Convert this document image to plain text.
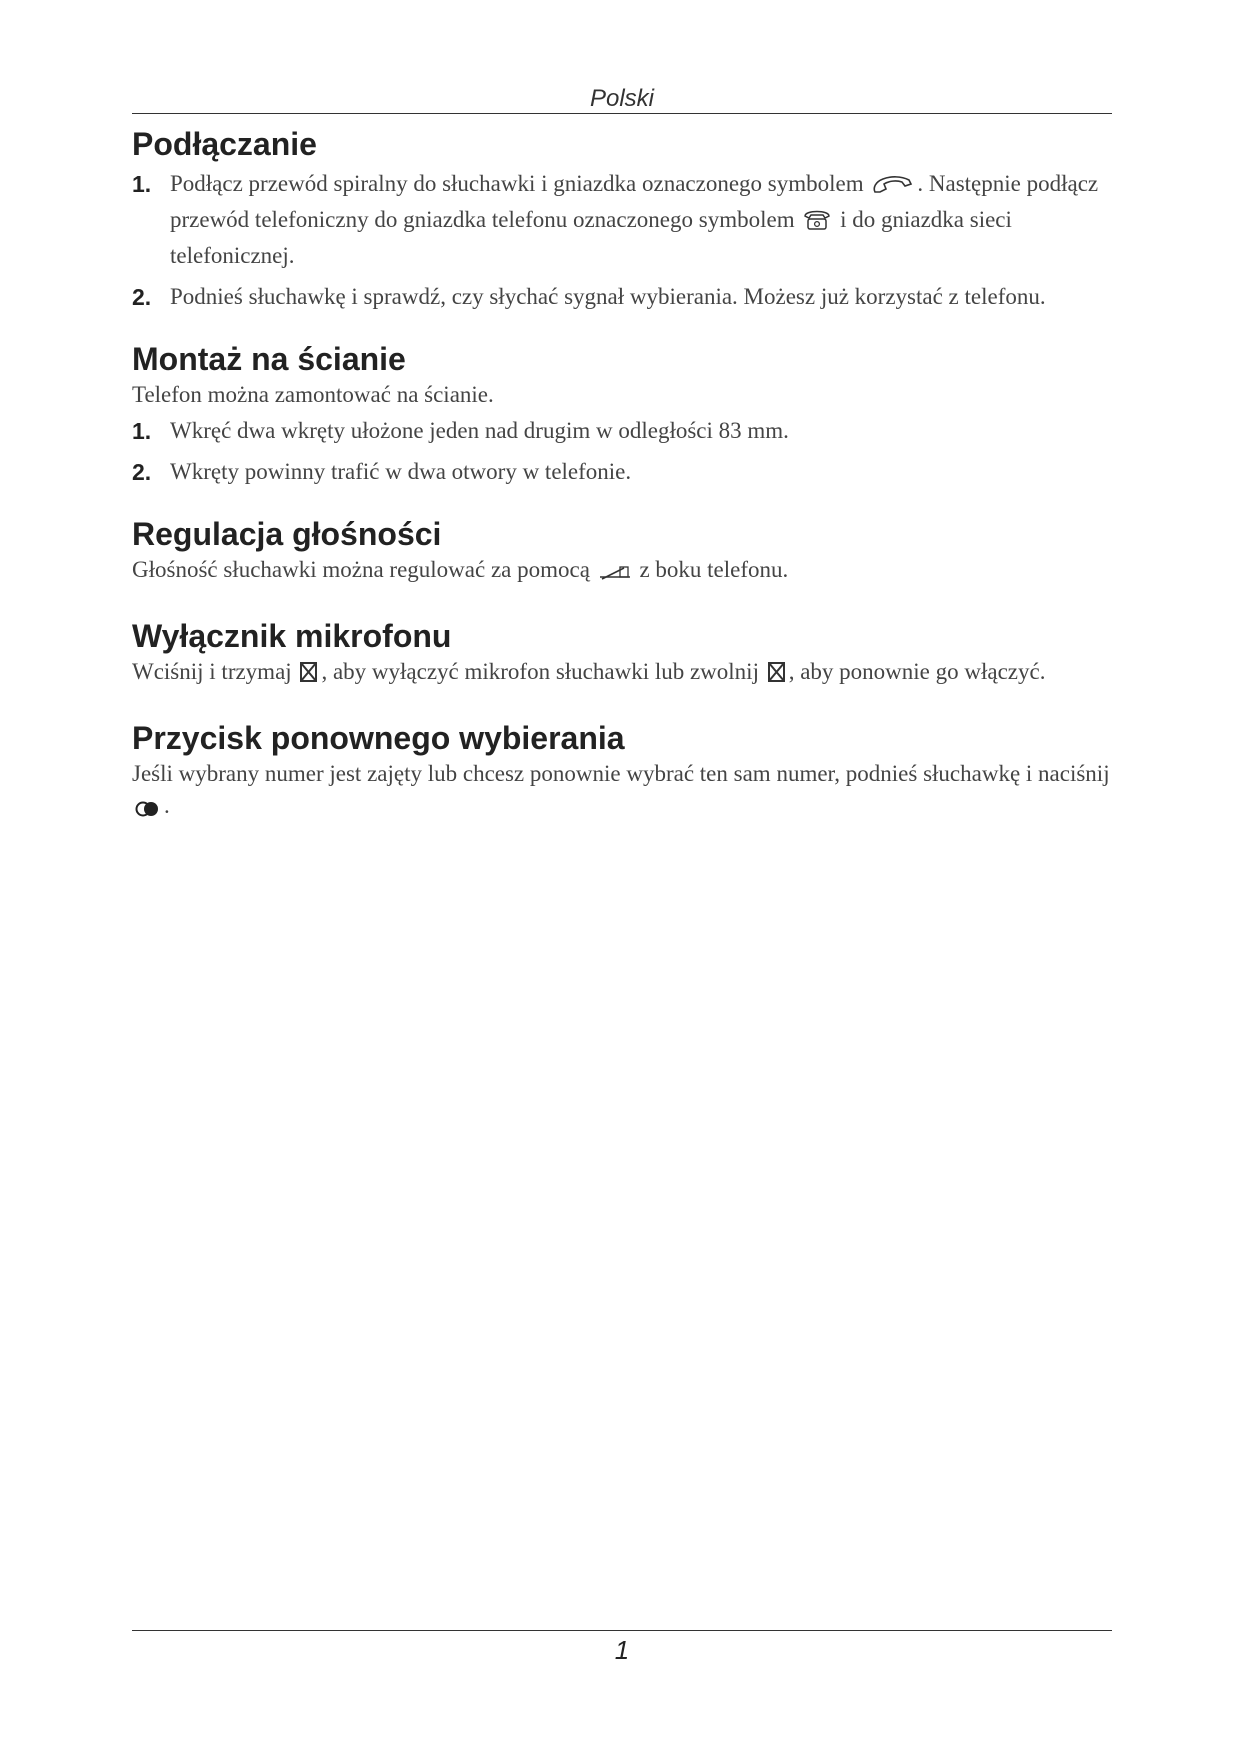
Polski
Podłączanie
1. Podłącz przewód spiralny do słuchawki i gniazdka oznaczonego symbolem . Następnie podłącz przewód telefoniczny do gniazdka telefonu oznaczonego symbolem i do gniazdka sieci telefonicznej.
2. Podnieś słuchawkę i sprawdź, czy słychać sygnał wybierania. Możesz już korzystać z telefonu.
Montaż na ścianie

Telefon można zamontować na ścianie.

1. Wkręć dwa wkręty ułożone jeden nad drugim w odległości 83 mm.
2. Wkręty powinny trafić w dwa otwory w telefonie.
Regulacja głośności

Głośność słuchawki można regulować za pomocą z boku telefonu.

Wyłącznik mikrofonu

Wciśnij i trzymaj , aby wyłączyć mikrofon słuchawki lub zwolnij , aby ponownie go włączyć.

Przycisk ponownego wybierania

Jeśli wybrany numer jest zajęty lub chcesz ponownie wybrać ten sam numer, podnieś słuchawkę i naciśnij .

1
